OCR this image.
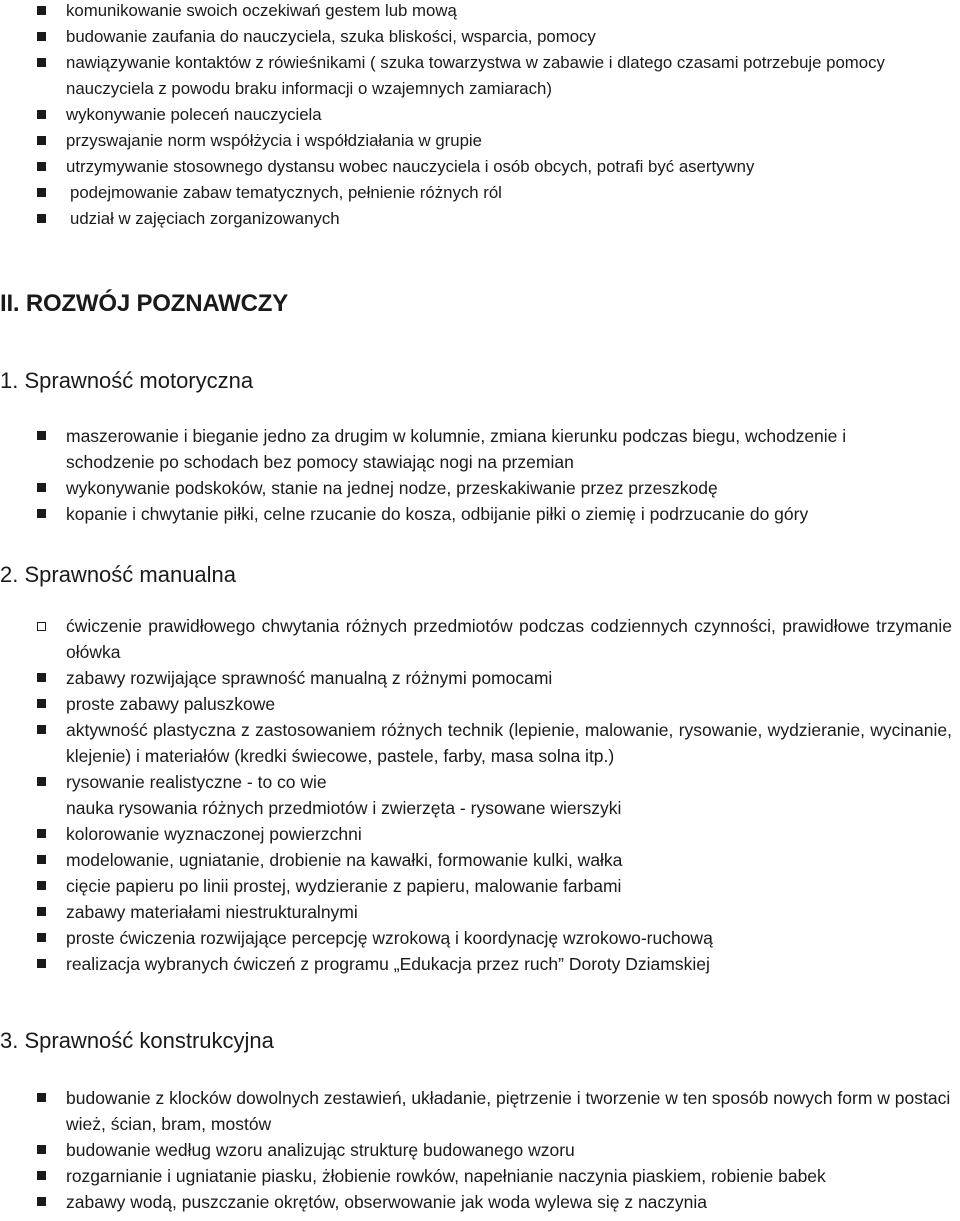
komunikowanie swoich oczekiwań gestem lub mową
budowanie zaufania do nauczyciela, szuka bliskości, wsparcia, pomocy
nawiązywanie kontaktów z rówieśnikami ( szuka towarzystwa w zabawie i dlatego czasami potrzebuje pomocy nauczyciela z powodu braku informacji o wzajemnych zamiarach)
wykonywanie poleceń nauczyciela
przyswajanie norm współżycia i współdziałania w grupie
utrzymywanie stosownego dystansu wobec nauczyciela i osób obcych, potrafi być asertywny
podejmowanie zabaw tematycznych, pełnienie różnych ról
udział w zajęciach zorganizowanych
II. ROZWÓJ POZNAWCZY
1. Sprawność motoryczna
maszerowanie i bieganie jedno za drugim w kolumnie, zmiana kierunku podczas biegu, wchodzenie i schodzenie po schodach bez pomocy stawiając nogi na przemian
wykonywanie podskoków, stanie na jednej nodze, przeskakiwanie przez przeszkodę
kopanie i chwytanie piłki, celne rzucanie do kosza, odbijanie piłki o ziemię i podrzucanie do góry
2. Sprawność manualna
ćwiczenie prawidłowego chwytania różnych przedmiotów podczas codziennych czynności, prawidłowe trzymanie ołówka
zabawy rozwijające sprawność manualną z różnymi pomocami
proste zabawy paluszkowe
aktywność plastyczna z zastosowaniem różnych technik (lepienie, malowanie, rysowanie, wydzieranie, wycinanie, klejenie) i materiałów (kredki świecowe, pastele, farby, masa solna itp.)
rysowanie realistyczne - to co wie
nauka rysowania różnych przedmiotów i zwierzęta - rysowane wierszyki
kolorowanie wyznaczonej powierzchni
modelowanie, ugniatanie, drobienie na kawałki, formowanie kulki, wałka
cięcie papieru po linii prostej, wydzieranie z papieru, malowanie farbami
zabawy materiałami niestrukturalnymi
proste ćwiczenia rozwijające percepcję wzrokową i koordynację wzrokowo-ruchową
realizacja wybranych ćwiczeń z programu „Edukacja przez ruch” Doroty Dziamskiej
3. Sprawność konstrukcyjna
budowanie z klocków dowolnych zestawień, układanie, piętrzenie i tworzenie w ten sposób nowych form w postaci wież, ścian, bram, mostów
budowanie według wzoru analizując strukturę budowanego wzoru
rozgarnianie i ugniatanie piasku, żłobienie rowków, napełnianie naczynia piaskiem, robienie babek
zabawy wodą, puszczanie okrętów, obserwowanie jak woda wylewa się z naczynia
